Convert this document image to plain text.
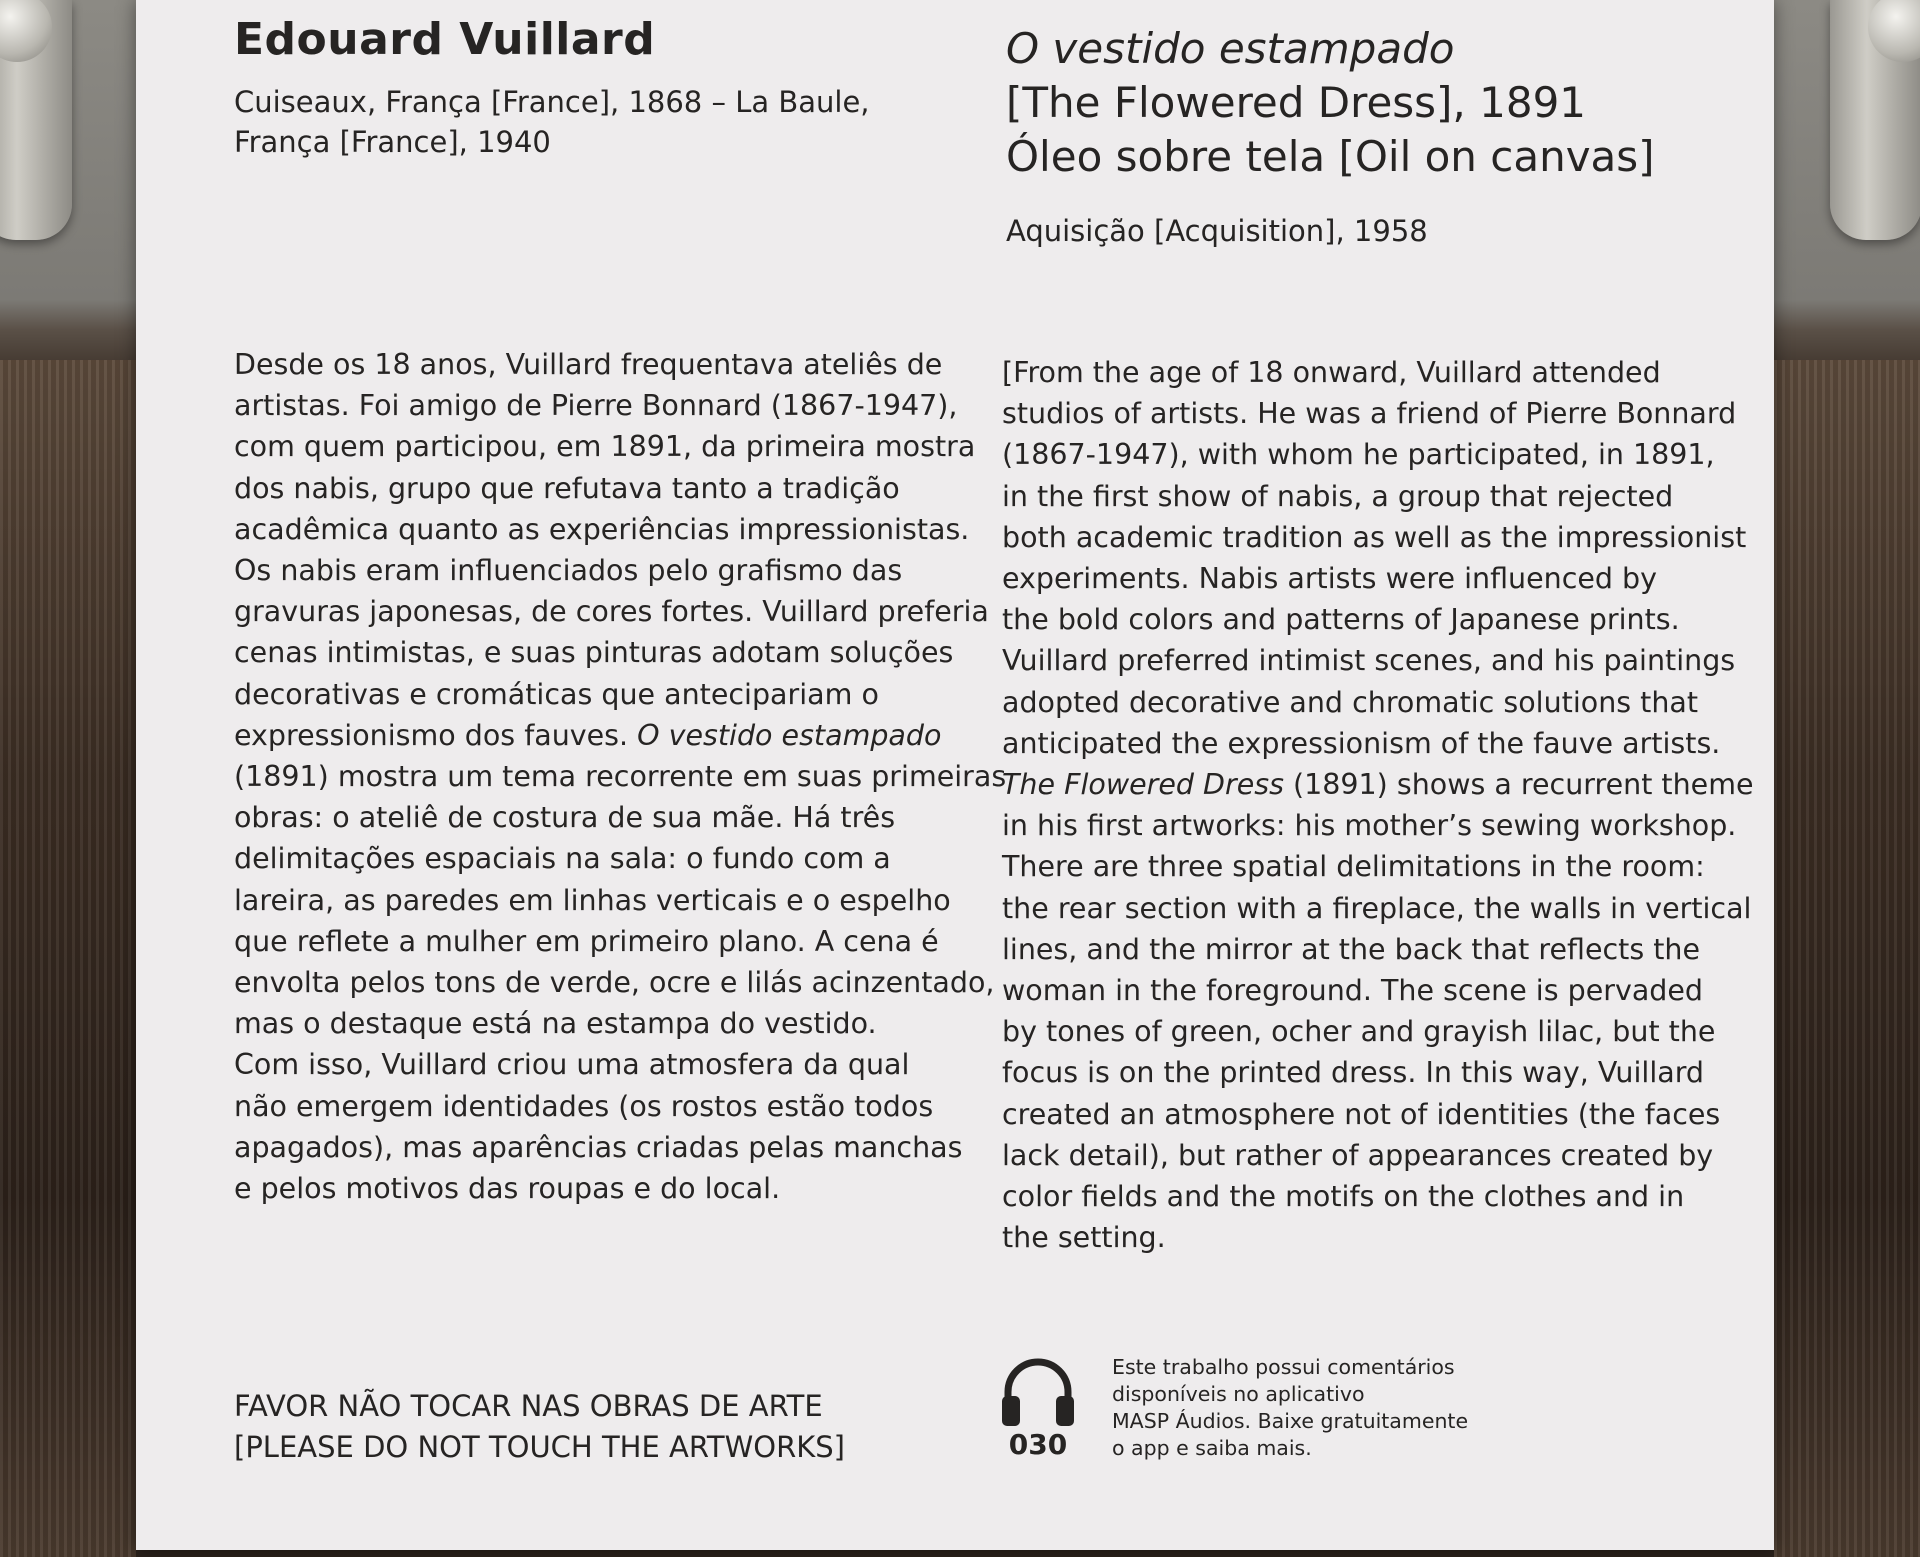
Edouard Vuillard
Cuiseaux, França [France], 1868 – La Baule,
França [France], 1940
O vestido estampado
[The Flowered Dress], 1891
Óleo sobre tela [Oil on canvas]
Aquisição [Acquisition], 1958
Desde os 18 anos, Vuillard frequentava ateliês de
artistas. Foi amigo de Pierre Bonnard (1867-1947),
com quem participou, em 1891, da primeira mostra
dos nabis, grupo que refutava tanto a tradição
acadêmica quanto as experiências impressionistas.
Os nabis eram influenciados pelo grafismo das
gravuras japonesas, de cores fortes. Vuillard preferia
cenas intimistas, e suas pinturas adotam soluções
decorativas e cromáticas que antecipariam o
expressionismo dos fauves. O vestido estampado
(1891) mostra um tema recorrente em suas primeiras
obras: o ateliê de costura de sua mãe. Há três
delimitações espaciais na sala: o fundo com a
lareira, as paredes em linhas verticais e o espelho
que reflete a mulher em primeiro plano. A cena é
envolta pelos tons de verde, ocre e lilás acinzentado,
mas o destaque está na estampa do vestido.
Com isso, Vuillard criou uma atmosfera da qual
não emergem identidades (os rostos estão todos
apagados), mas aparências criadas pelas manchas
e pelos motivos das roupas e do local.
[From the age of 18 onward, Vuillard attended
studios of artists. He was a friend of Pierre Bonnard
(1867-1947), with whom he participated, in 1891,
in the first show of nabis, a group that rejected
both academic tradition as well as the impressionist
experiments. Nabis artists were influenced by
the bold colors and patterns of Japanese prints.
Vuillard preferred intimist scenes, and his paintings
adopted decorative and chromatic solutions that
anticipated the expressionism of the fauve artists.
The Flowered Dress (1891) shows a recurrent theme
in his first artworks: his mother’s sewing workshop.
There are three spatial delimitations in the room:
the rear section with a fireplace, the walls in vertical
lines, and the mirror at the back that reflects the
woman in the foreground. The scene is pervaded
by tones of green, ocher and grayish lilac, but the
focus is on the printed dress. In this way, Vuillard
created an atmosphere not of identities (the faces
lack detail), but rather of appearances created by
color fields and the motifs on the clothes and in
the setting.
FAVOR NÃO TOCAR NAS OBRAS DE ARTE
[PLEASE DO NOT TOUCH THE ARTWORKS]	030
Este trabalho possui comentários
disponíveis no aplicativo
MASP Áudios. Baixe gratuitamente
o app e saiba mais.
